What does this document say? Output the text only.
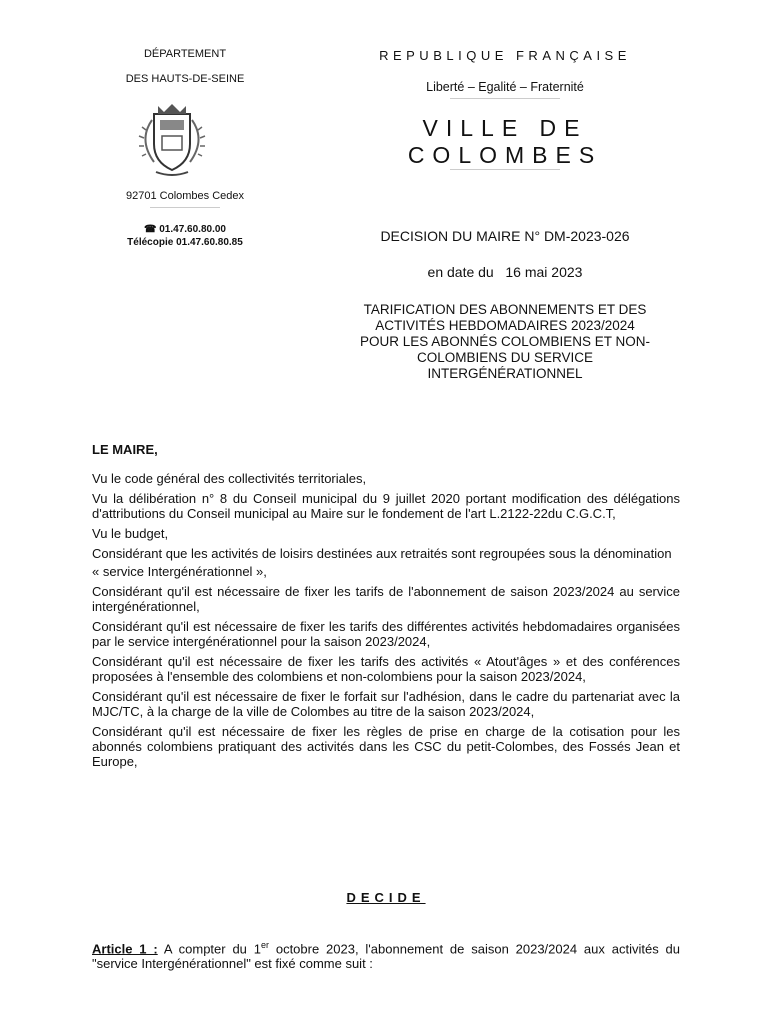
DÉPARTEMENT
DES HAUTS-DE-SEINE
92701 Colombes Cedex
☎ 01.47.60.80.00
Télécopie 01.47.60.80.85
REPUBLIQUE FRANÇAISE
Liberté – Egalité – Fraternité
VILLE DE
COLOMBES
DECISION DU MAIRE N° DM-2023-026
en date du   16 mai 2023
TARIFICATION DES ABONNEMENTS ET DES
ACTIVITÉS HEBDOMADAIRES 2023/2024
POUR LES ABONNÉS COLOMBIENS ET NON-
COLOMBIENS DU SERVICE
INTERGÉNÉRATIONNEL
LE MAIRE,

Vu le code général des collectivités territoriales,

Vu la délibération n° 8 du Conseil municipal du 9 juillet 2020 portant modification des délégations d'attributions du Conseil municipal au Maire sur le fondement de l'art L.2122-22du C.G.C.T,

Vu le budget,

Considérant que les activités de loisirs destinées aux retraités sont regroupées sous la dénomination

« service Intergénérationnel »,

Considérant qu'il est nécessaire de fixer les tarifs de l'abonnement de saison 2023/2024 au service intergénérationnel,

Considérant qu'il est nécessaire de fixer les tarifs des différentes activités hebdomadaires organisées par le service intergénérationnel pour la saison 2023/2024,

Considérant qu'il est nécessaire de fixer les tarifs des activités « Atout'âges » et des conférences proposées à l'ensemble des colombiens et non-colombiens pour la saison 2023/2024,

Considérant qu'il est nécessaire de fixer le forfait sur l'adhésion, dans le cadre du partenariat avec la MJC/TC, à la charge de la ville de Colombes au titre de la saison 2023/2024,

Considérant qu'il est nécessaire de fixer les règles de prise en charge de la cotisation pour les abonnés colombiens pratiquant des activités dans les CSC du petit-Colombes, des Fossés Jean et Europe,

DECIDE

Article 1 : A compter du 1er octobre 2023, l'abonnement de saison 2023/2024 aux activités du "service Intergénérationnel" est fixé comme suit :
